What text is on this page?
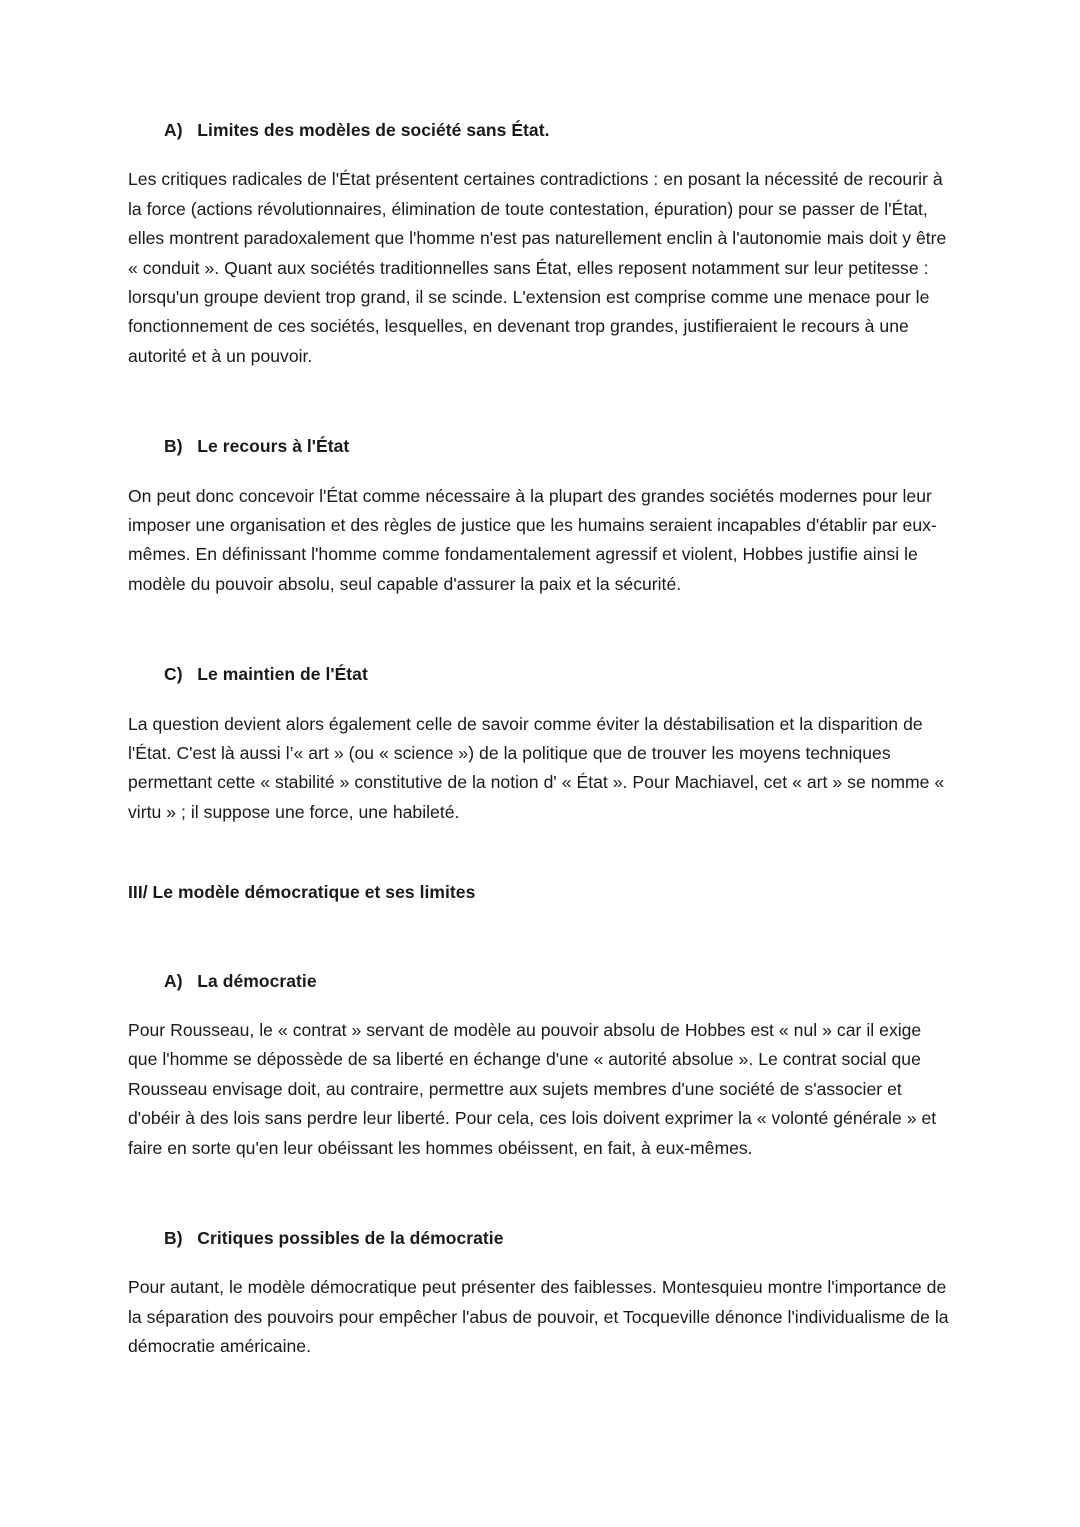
A)   Limites des modèles de société sans État.

Les critiques radicales de l'État présentent certaines contradictions : en posant la nécessité de recourir à la force (actions révolutionnaires, élimination de toute contestation, épuration) pour se passer de l'État, elles montrent paradoxalement que l'homme n'est pas naturellement enclin à l'autonomie mais doit y être « conduit ». Quant aux sociétés traditionnelles sans État, elles reposent notamment sur leur petitesse : lorsqu'un groupe devient trop grand, il se scinde. L'extension est comprise comme une menace pour le fonctionnement de ces sociétés, lesquelles, en devenant trop grandes, justifieraient le recours à une autorité et à un pouvoir.

B)   Le recours à l'État

On peut donc concevoir l'État comme nécessaire à la plupart des grandes sociétés modernes pour leur imposer une organisation et des règles de justice que les humains seraient incapables d'établir par eux-mêmes. En définissant l'homme comme fondamentalement agressif et violent, Hobbes justifie ainsi le modèle du pouvoir absolu, seul capable d'assurer la paix et la sécurité.

C)   Le maintien de l'État

La question devient alors également celle de savoir comme éviter la déstabilisation et la disparition de l'État. C'est là aussi l’« art » (ou « science ») de la politique que de trouver les moyens techniques permettant cette « stabilité » constitutive de la notion d' « État ». Pour Machiavel, cet « art » se nomme « virtu » ; il suppose une force, une habileté.

III/ Le modèle démocratique et ses limites
A)   La démocratie

Pour Rousseau, le « contrat » servant de modèle au pouvoir absolu de Hobbes est « nul » car il exige que l'homme se dépossède de sa liberté en échange d'une « autorité absolue ». Le contrat social que Rousseau envisage doit, au contraire, permettre aux sujets membres d'une société de s'associer et d'obéir à des lois sans perdre leur liberté. Pour cela, ces lois doivent exprimer la « volonté générale » et faire en sorte qu'en leur obéissant les hommes obéissent, en fait, à eux-mêmes.

B)   Critiques possibles de la démocratie

Pour autant, le modèle démocratique peut présenter des faiblesses. Montesquieu montre l'importance de la séparation des pouvoirs pour empêcher l'abus de pouvoir, et Tocqueville dénonce l'individualisme de la démocratie américaine.
